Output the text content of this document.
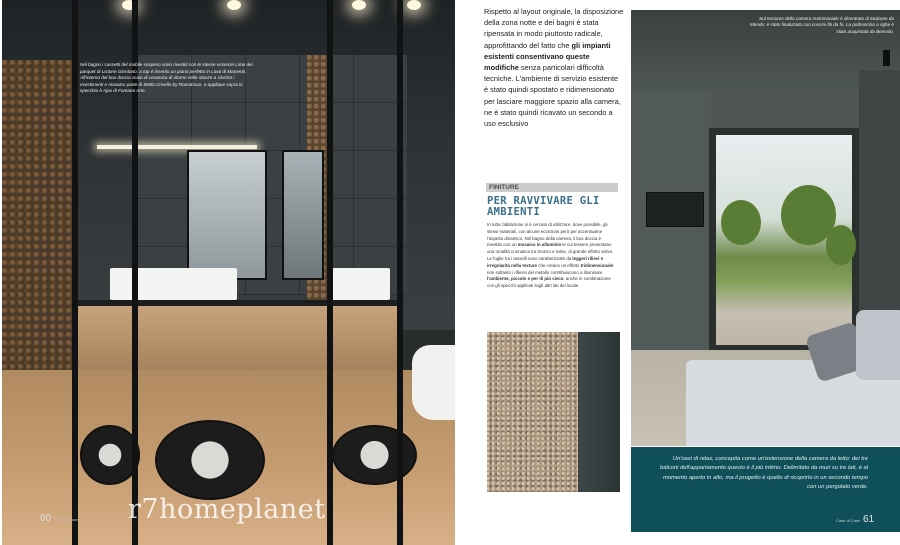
Nel bagno i cassetti del mobile sospeso sono rivestiti con le stesse essenze Lime dei parquet di Listone Giordano; a top è inserito un piano perfetto in Lava di Mamenti. All'interno del box doccia scala di ceramica di ritorno nelle stanze a sinistra i rivestimenti e mosaico parte di Stella Crivello by Romatrous, e applique sopra lo specchio è Ajax di Fontana Arte.
60 Case di Case r7homeplanet
Rispetto al layout originale, la disposizione della zona notte e dei bagni è stata ripensata in modo piuttosto radicale, approfittando del fatto che gli impianti esistenti consentivano queste modifiche senza particolari difficoltà tecniche. L'ambiente di servizio esistente è stato quindi spostato e ridimensionato per lasciare maggiore spazio alla camera, ne è stato quindi ricavato un secondo a uso esclusivo
FINITURE
PER RAVVIVARE GLI AMBIENTI
In tutta l'abitazione si è cercato di utilizzare, dove possibile, gli stessi materiali, con alcune eccezioni però per accentuarne l'aspetto dinamico. Nel bagno della camera, il box doccia è rivestito con un mosaico in alluminio le cui tessere presentano una tonalità cromatica tra bronzo e rame, di grande effetto visivo. Le foglie tra i tasselli sono caratterizzate da leggeri rilievi e irregolarità nella texture che creano un effetto tridimensionale: non soltanto i riflessi del metallo contribuiscono a illuminare l'ambiente, piccolo e per di più cieco, anche in combinazione con gli specchi applicati sugli altri lati del locale.
Sul terrazzo della camera matrimoniale è dicentrato di Maizone da Mondo: è stato finalizzato con cuscini fiti da fo. La poltroncina a righe è stata acquistata da Benvolo.
Un'oasi di relax, concepita come un'estensione della camera da letto: dei tre balconi dell'appartamento questo è il più intimo. Delimitato da muri su tre lati, è al momento aperto in alto, ma il progetto è quello di ricoprirlo in un secondo tempo con un pergolato verde.
Case di Case 61
